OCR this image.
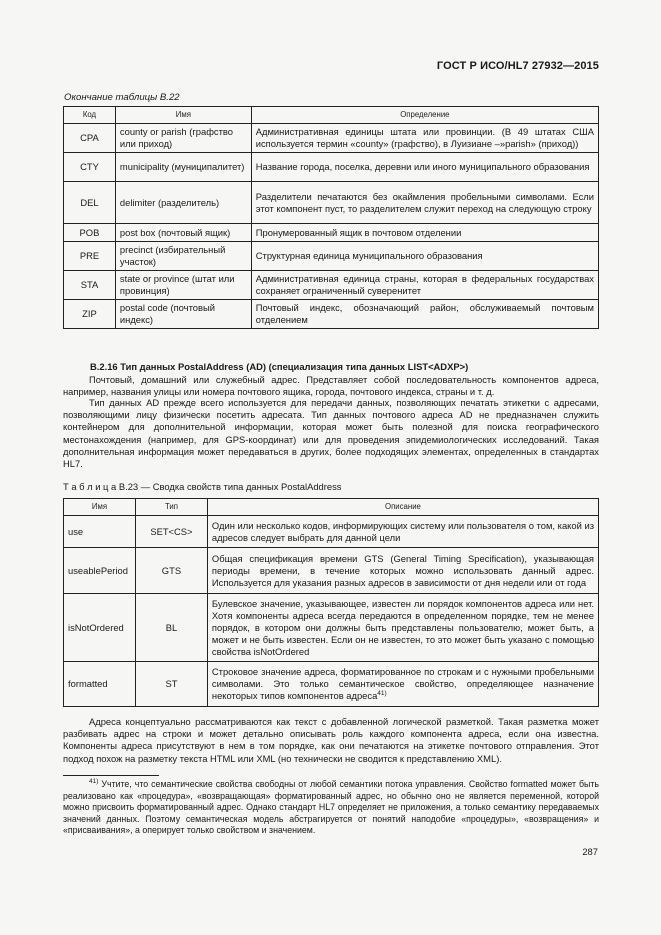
ГОСТ Р ИСО/HL7 27932—2015
Окончание таблицы В.22
Код	Имя	Определение
CPA	county or parish (графство или приход)	Административная единицы штата или провинции. (В 49 штатах США используется термин «county» (графство), в Луизиане –»parish» (приход))
CTY	municipality (муниципалитет)	Название города, поселка, деревни или иного муниципального образования
DEL	delimiter (разделитель)	Разделители печатаются без окаймления пробельными символами. Если этот компонент пуст, то разделителем служит переход на следующую строку
POB	post box (почтовый ящик)	Пронумерованный ящик в почтовом отделении
PRE	precinct (избирательный участок)	Структурная единица муниципального образования
STA	state or province (штат или провинция)	Административная единица страны, которая в федеральных государствах сохраняет ограниченный суверенитет
ZIP	postal code (почтовый индекс)	Почтовый индекс, обозначающий район, обслуживаемый почтовым отделением
В.2.16 Тип данных PostalAddress (AD) (специализация типа данных LIST<ADXP>)

Почтовый, домашний или служебный адрес. Представляет собой последовательность компонентов адреса, например, названия улицы или номера почтового ящика, города, почтового индекса, страны и т. д.

Тип данных AD прежде всего используется для передачи данных, позволяющих печатать этикетки с адресами, позволяющими лицу физически посетить адресата. Тип данных почтового адреса AD не предназначен служить контейнером для дополнительной информации, которая может быть полезной для поиска географического местонахождения (например, для GPS-координат) или для проведения эпидемиологических исследований. Такая дополнительная информация может передаваться в других, более подходящих элементах, определенных в стандартах HL7.

Т а б л и ц а В.23 — Сводка свойств типа данных PostalAddress
Имя	Тип	Описание
use	SET<CS>	Один или несколько кодов, информирующих систему или пользователя о том, какой из адресов следует выбрать для данной цели
useablePeriod	GTS	Общая спецификация времени GTS (General Timing Specification), указывающая периоды времени, в течение которых можно использовать данный адрес. Используется для указания разных адресов в зависимости от дня недели или от года
isNotOrdered	BL	Булевское значение, указывающее, известен ли порядок компонентов адреса или нет. Хотя компоненты адреса всегда передаются в определенном порядке, тем не менее порядок, в котором они должны быть представлены пользователю, может быть, а может и не быть известен. Если он не известен, то это может быть указано с помощью свойства isNotOrdered
formatted	ST	Строковое значение адреса, форматированное по строкам и с нужными пробельными символами. Это только семантическое свойство, определяющее назначение некоторых типов компонентов адреса$^{41)}$

Адреса концептуально рассматриваются как текст с добавленной логической разметкой. Такая разметка может разбивать адрес на строки и может детально описывать роль каждого компонента адреса, если она известна. Компоненты адреса присутствуют в нем в том порядке, как они печатаются на этикетке почтового отправления. Этот подход похож на разметку текста HTML или XML (но технически не сводится к представлению XML).

$^{41)}$ Учтите, что семантические свойства свободны от любой семантики потока управления. Свойство formatted может быть реализовано как «процедура», «возвращающая» форматированный адрес, но обычно оно не является переменной, которой можно присвоить форматированный адрес. Однако стандарт HL7 определяет не приложения, а только семантику передаваемых значений данных. Поэтому семантическая модель абстрагируется от понятий наподобие «процедуры», «возвращения» и «присваивания», а оперирует только свойством и значением.

287
